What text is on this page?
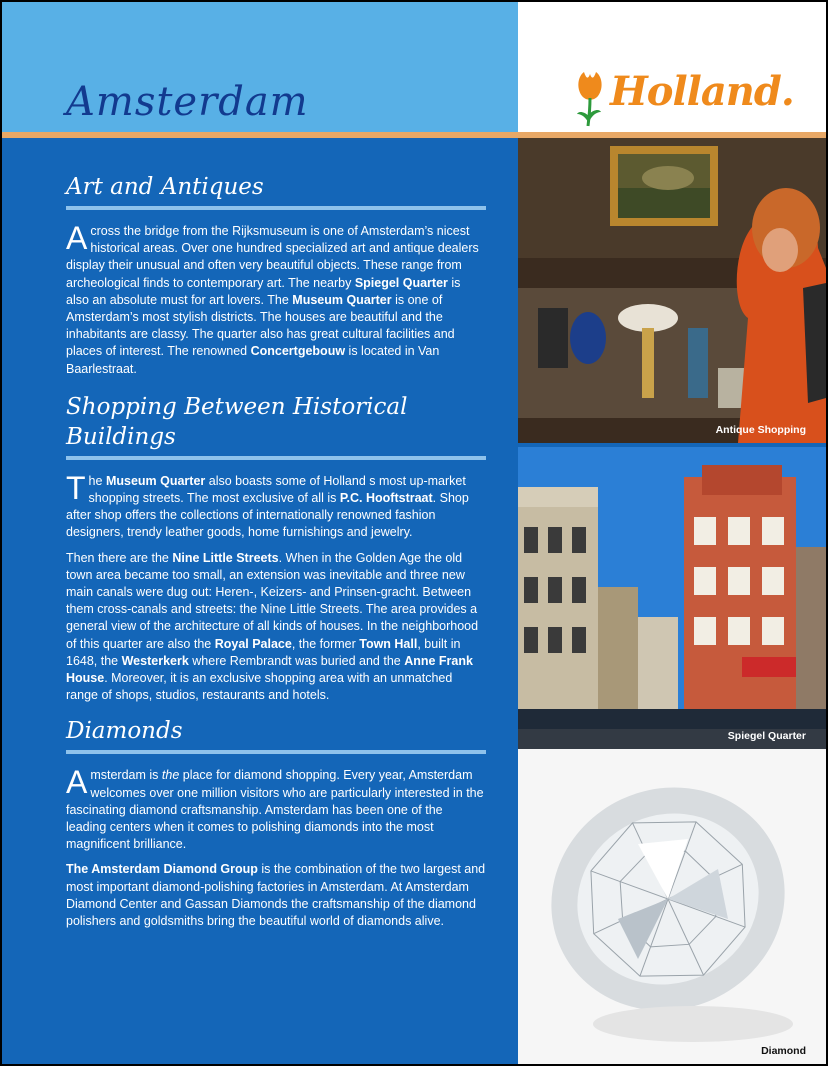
Amsterdam	Holland.
Art and Antiques

Across the bridge from the Rijksmuseum is one of Amsterdam’s nicest historical areas. Over one hundred specialized art and antique dealers display their unusual and often very beautiful objects. These range from archeological finds to contemporary art. The nearby Spiegel Quarter is also an absolute must for art lovers. The Museum Quarter is one of Amsterdam’s most stylish districts. The houses are beautiful and the inhabitants are classy. The quarter also has great cultural facilities and places of interest. The renowned Concertgebouw is located in Van Baarlestraat.

Shopping Between Historical Buildings

The Museum Quarter also boasts some of Holland s most up-market shopping streets. The most exclusive of all is P.C. Hooftstraat. Shop after shop offers the collections of internationally renowned fashion designers, trendy leather goods, home furnishings and jewelry.

Then there are the Nine Little Streets. When in the Golden Age the old town area became too small, an extension was inevitable and three new main canals were dug out: Heren-, Keizers- and Prinsen-gracht. Between them cross-canals and streets: the Nine Little Streets. The area provides a general view of the architecture of all kinds of houses. In the neighborhood of this quarter are also the Royal Palace, the former Town Hall, built in 1648, the Westerkerk where Rembrandt was buried and the Anne Frank House. Moreover, it is an exclusive shopping area with an unmatched range of shops, studios, restaurants and hotels.

Diamonds

Amsterdam is the place for diamond shopping. Every year, Amsterdam welcomes over one million visitors who are particularly interested in the fascinating diamond craftsmanship. Amsterdam has been one of the leading centers when it comes to polishing diamonds into the most magnificent brilliance.

The Amsterdam Diamond Group is the combination of the two largest and most important diamond-polishing factories in Amsterdam. At Amsterdam Diamond Center and Gassan Diamonds the craftsmanship of the diamond polishers and goldsmiths bring the beautiful world of diamonds alive.

Antique Shopping
Spiegel Quarter
Diamond
